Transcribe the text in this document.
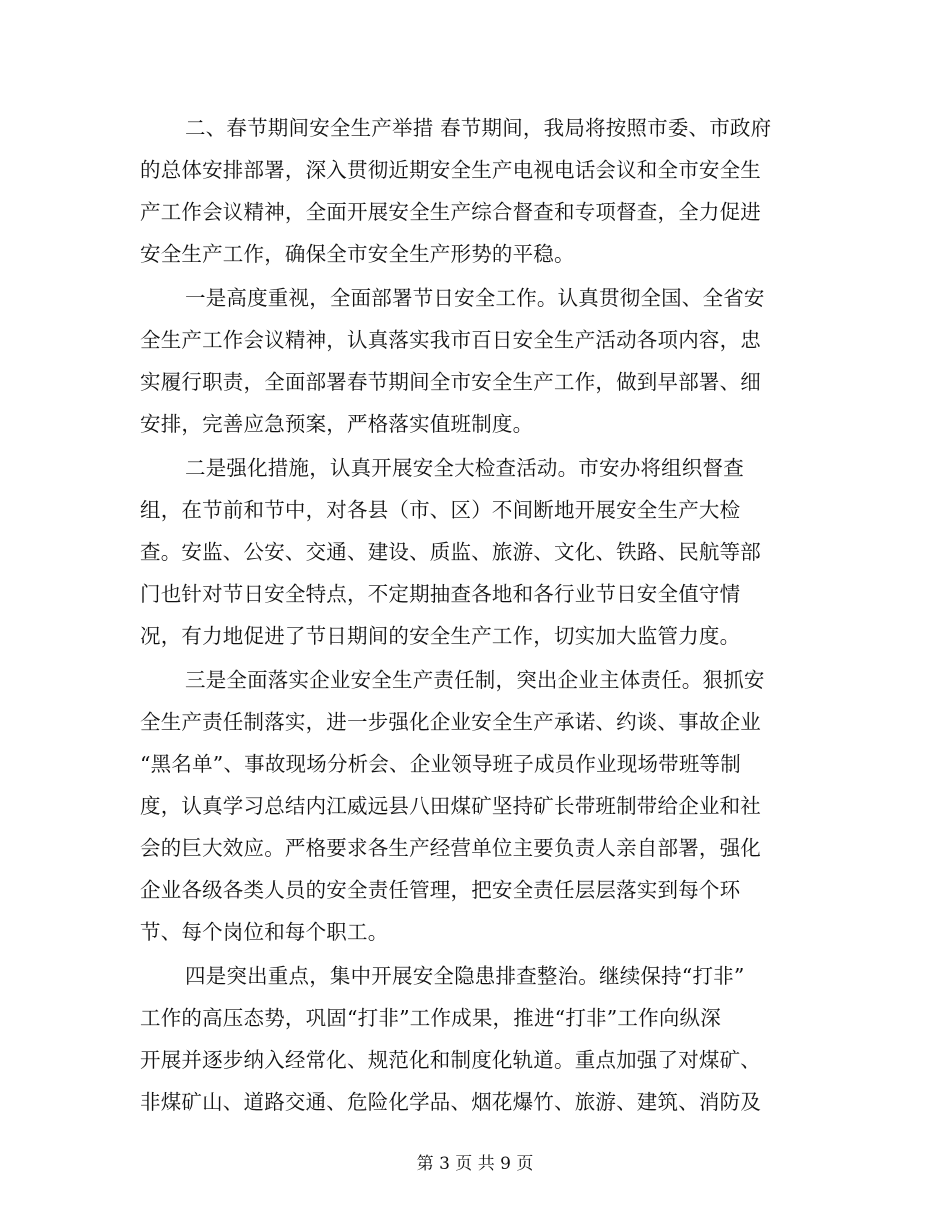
二、春节期间安全生产举措 春节期间，我局将按照市委、市政府
的总体安排部署，深入贯彻近期安全生产电视电话会议和全市安全生
产工作会议精神，全面开展安全生产综合督查和专项督查，全力促进
安全生产工作，确保全市安全生产形势的平稳。
一是高度重视，全面部署节日安全工作。认真贯彻全国、全省安
全生产工作会议精神，认真落实我市百日安全生产活动各项内容，忠
实履行职责，全面部署春节期间全市安全生产工作，做到早部署、细
安排，完善应急预案，严格落实值班制度。
二是强化措施，认真开展安全大检查活动。市安办将组织督查
组，在节前和节中，对各县（市、区）不间断地开展安全生产大检
查。安监、公安、交通、建设、质监、旅游、文化、铁路、民航等部
门也针对节日安全特点，不定期抽查各地和各行业节日安全值守情
况，有力地促进了节日期间的安全生产工作，切实加大监管力度。
三是全面落实企业安全生产责任制，突出企业主体责任。狠抓安
全生产责任制落实，进一步强化企业安全生产承诺、约谈、事故企业
“黑名单”、事故现场分析会、企业领导班子成员作业现场带班等制
度，认真学习总结内江威远县八田煤矿坚持矿长带班制带给企业和社
会的巨大效应。严格要求各生产经营单位主要负责人亲自部署，强化
企业各级各类人员的安全责任管理，把安全责任层层落实到每个环
节、每个岗位和每个职工。
四是突出重点，集中开展安全隐患排查整治。继续保持“打非”
工作的高压态势，巩固“打非”工作成果，推进“打非”工作向纵深
开展并逐步纳入经常化、规范化和制度化轨道。重点加强了对煤矿、
非煤矿山、道路交通、危险化学品、烟花爆竹、旅游、建筑、消防及
第 3 页 共 9 页
